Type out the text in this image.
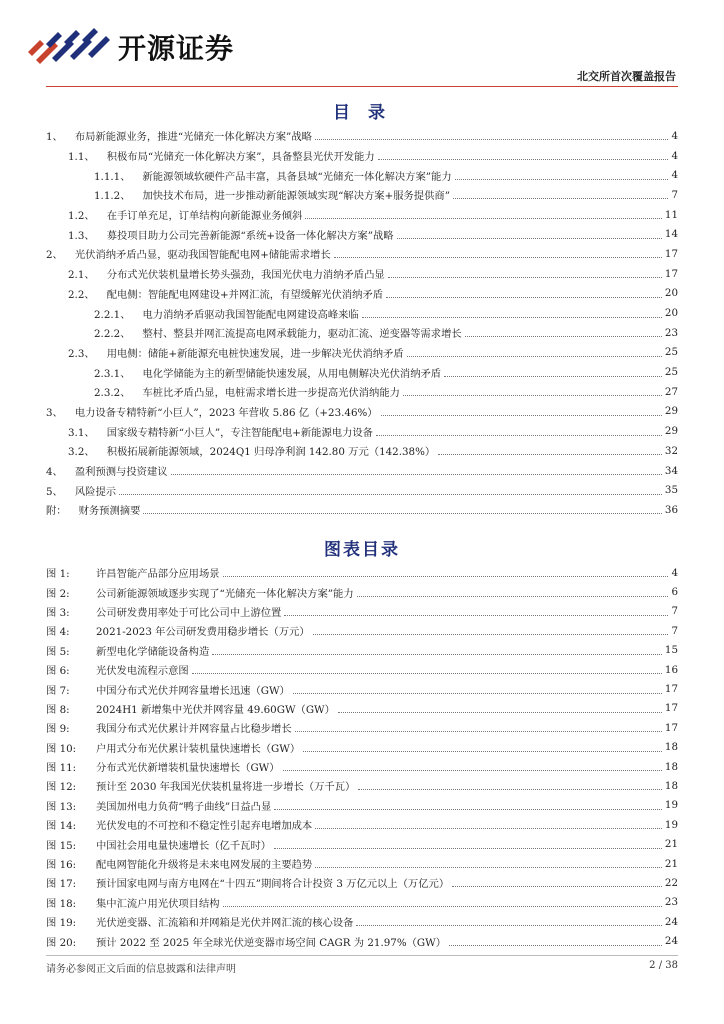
开源证券
北交所首次覆盖报告
目 录
1、	布局新能源业务，推进“光储充一体化解决方案”战略	4
1.1、	积极布局“光储充一体化解决方案”，具备整县光伏开发能力	4
1.1.1、	新能源领域软硬件产品丰富，具备县域“光储充一体化解决方案”能力	4
1.1.2、	加快技术布局，进一步推动新能源领域实现“解决方案+服务提供商”	7
1.2、	在手订单充足，订单结构向新能源业务倾斜	11
1.3、	募投项目助力公司完善新能源“系统+设备一体化解决方案”战略	14
2、	光伏消纳矛盾凸显，驱动我国智能配电网+储能需求增长	17
2.1、	分布式光伏装机量增长势头强劲，我国光伏电力消纳矛盾凸显	17
2.2、	配电侧：智能配电网建设+并网汇流，有望缓解光伏消纳矛盾	20
2.2.1、	电力消纳矛盾驱动我国智能配电网建设高峰来临	20
2.2.2、	整村、整县并网汇流提高电网承载能力，驱动汇流、逆变器等需求增长	23
2.3、	用电侧：储能+新能源充电桩快速发展，进一步解决光伏消纳矛盾	25
2.3.1、	电化学储能为主的新型储能快速发展，从用电侧解决光伏消纳矛盾	25
2.3.2、	车桩比矛盾凸显，电桩需求增长进一步提高光伏消纳能力	27
3、	电力设备专精特新“小巨人”，2023 年营收 5.86 亿（+23.46%）	29
3.1、	国家级专精特新“小巨人”，专注智能配电+新能源电力设备	29
3.2、	积极拓展新能源领域，2024Q1 归母净利润 142.80 万元（142.38%）	32
4、	盈利预测与投资建议	34
5、	风险提示	35
附：	财务预测摘要	36
图表目录
图 1:	许昌智能产品部分应用场景	4
图 2:	公司新能源领域逐步实现了“光储充一体化解决方案”能力	6
图 3:	公司研发费用率处于可比公司中上游位置	7
图 4:	2021-2023 年公司研发费用稳步增长（万元）	7
图 5:	新型电化学储能设备构造	15
图 6:	光伏发电流程示意图	16
图 7:	中国分布式光伏并网容量增长迅速（GW）	17
图 8:	2024H1 新增集中光伏并网容量 49.60GW（GW）	17
图 9:	我国分布式光伏累计并网容量占比稳步增长	17
图 10:	户用式分布光伏累计装机量快速增长（GW）	18
图 11:	分布式光伏新增装机量快速增长（GW）	18
图 12:	预计至 2030 年我国光伏装机量将进一步增长（万千瓦）	18
图 13:	美国加州电力负荷“鸭子曲线”日益凸显	19
图 14:	光伏发电的不可控和不稳定性引起弃电增加成本	19
图 15:	中国社会用电量快速增长（亿千瓦时）	21
图 16:	配电网智能化升级将是未来电网发展的主要趋势	21
图 17:	预计国家电网与南方电网在“十四五”期间将合计投资 3 万亿元以上（万亿元）	22
图 18:	集中汇流户用光伏项目结构	23
图 19:	光伏逆变器、汇流箱和并网箱是光伏并网汇流的核心设备	24
图 20:	预计 2022 至 2025 年全球光伏逆变器市场空间 CAGR 为 21.97%（GW）	24
请务必参阅正文后面的信息披露和法律声明	2 / 38
